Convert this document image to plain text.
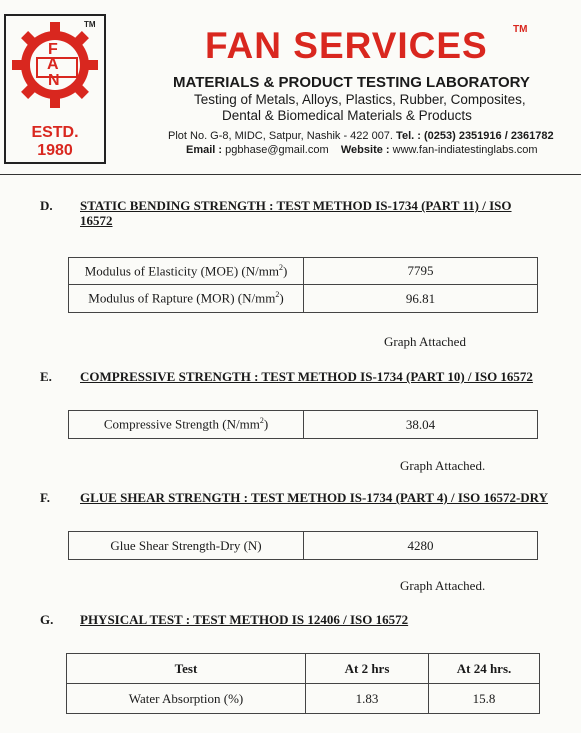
F
A
N
ESTD.
1980
TM
FAN SERVICES	TM
MATERIALS & PRODUCT TESTING LABORATORY
Testing of Metals, Alloys, Plastics, Rubber, Composites,
Dental & Biomedical Materials & Products
Plot No. G-8, MIDC, Satpur, Nashik - 422 007. Tel. : (0253) 2351916 / 2361782
Email : pgbhase@gmail.com Website : www.fan-indiatestinglabs.com
D. STATIC BENDING STRENGTH : TEST METHOD IS-1734 (PART 11) / ISO
16572
Modulus of Elasticity (MOE) $(N/mm^2)$	7795
Modulus of Rapture (MOR) $(N/mm^2)$	96.81
Graph Attached
E. COMPRESSIVE STRENGTH : TEST METHOD IS-1734 (PART 10) / ISO 16572
Compressive Strength $(N/mm^2)$	38.04
Graph Attached.
F. GLUE SHEAR STRENGTH : TEST METHOD IS-1734 (PART 4) / ISO 16572-DRY
Glue Shear Strength-Dry (N)	4280
Graph Attached.
G. PHYSICAL TEST : TEST METHOD IS 12406 / ISO 16572
Test	At 2 hrs	At 24 hrs.
Water Absorption (%)	1.83	15.8
